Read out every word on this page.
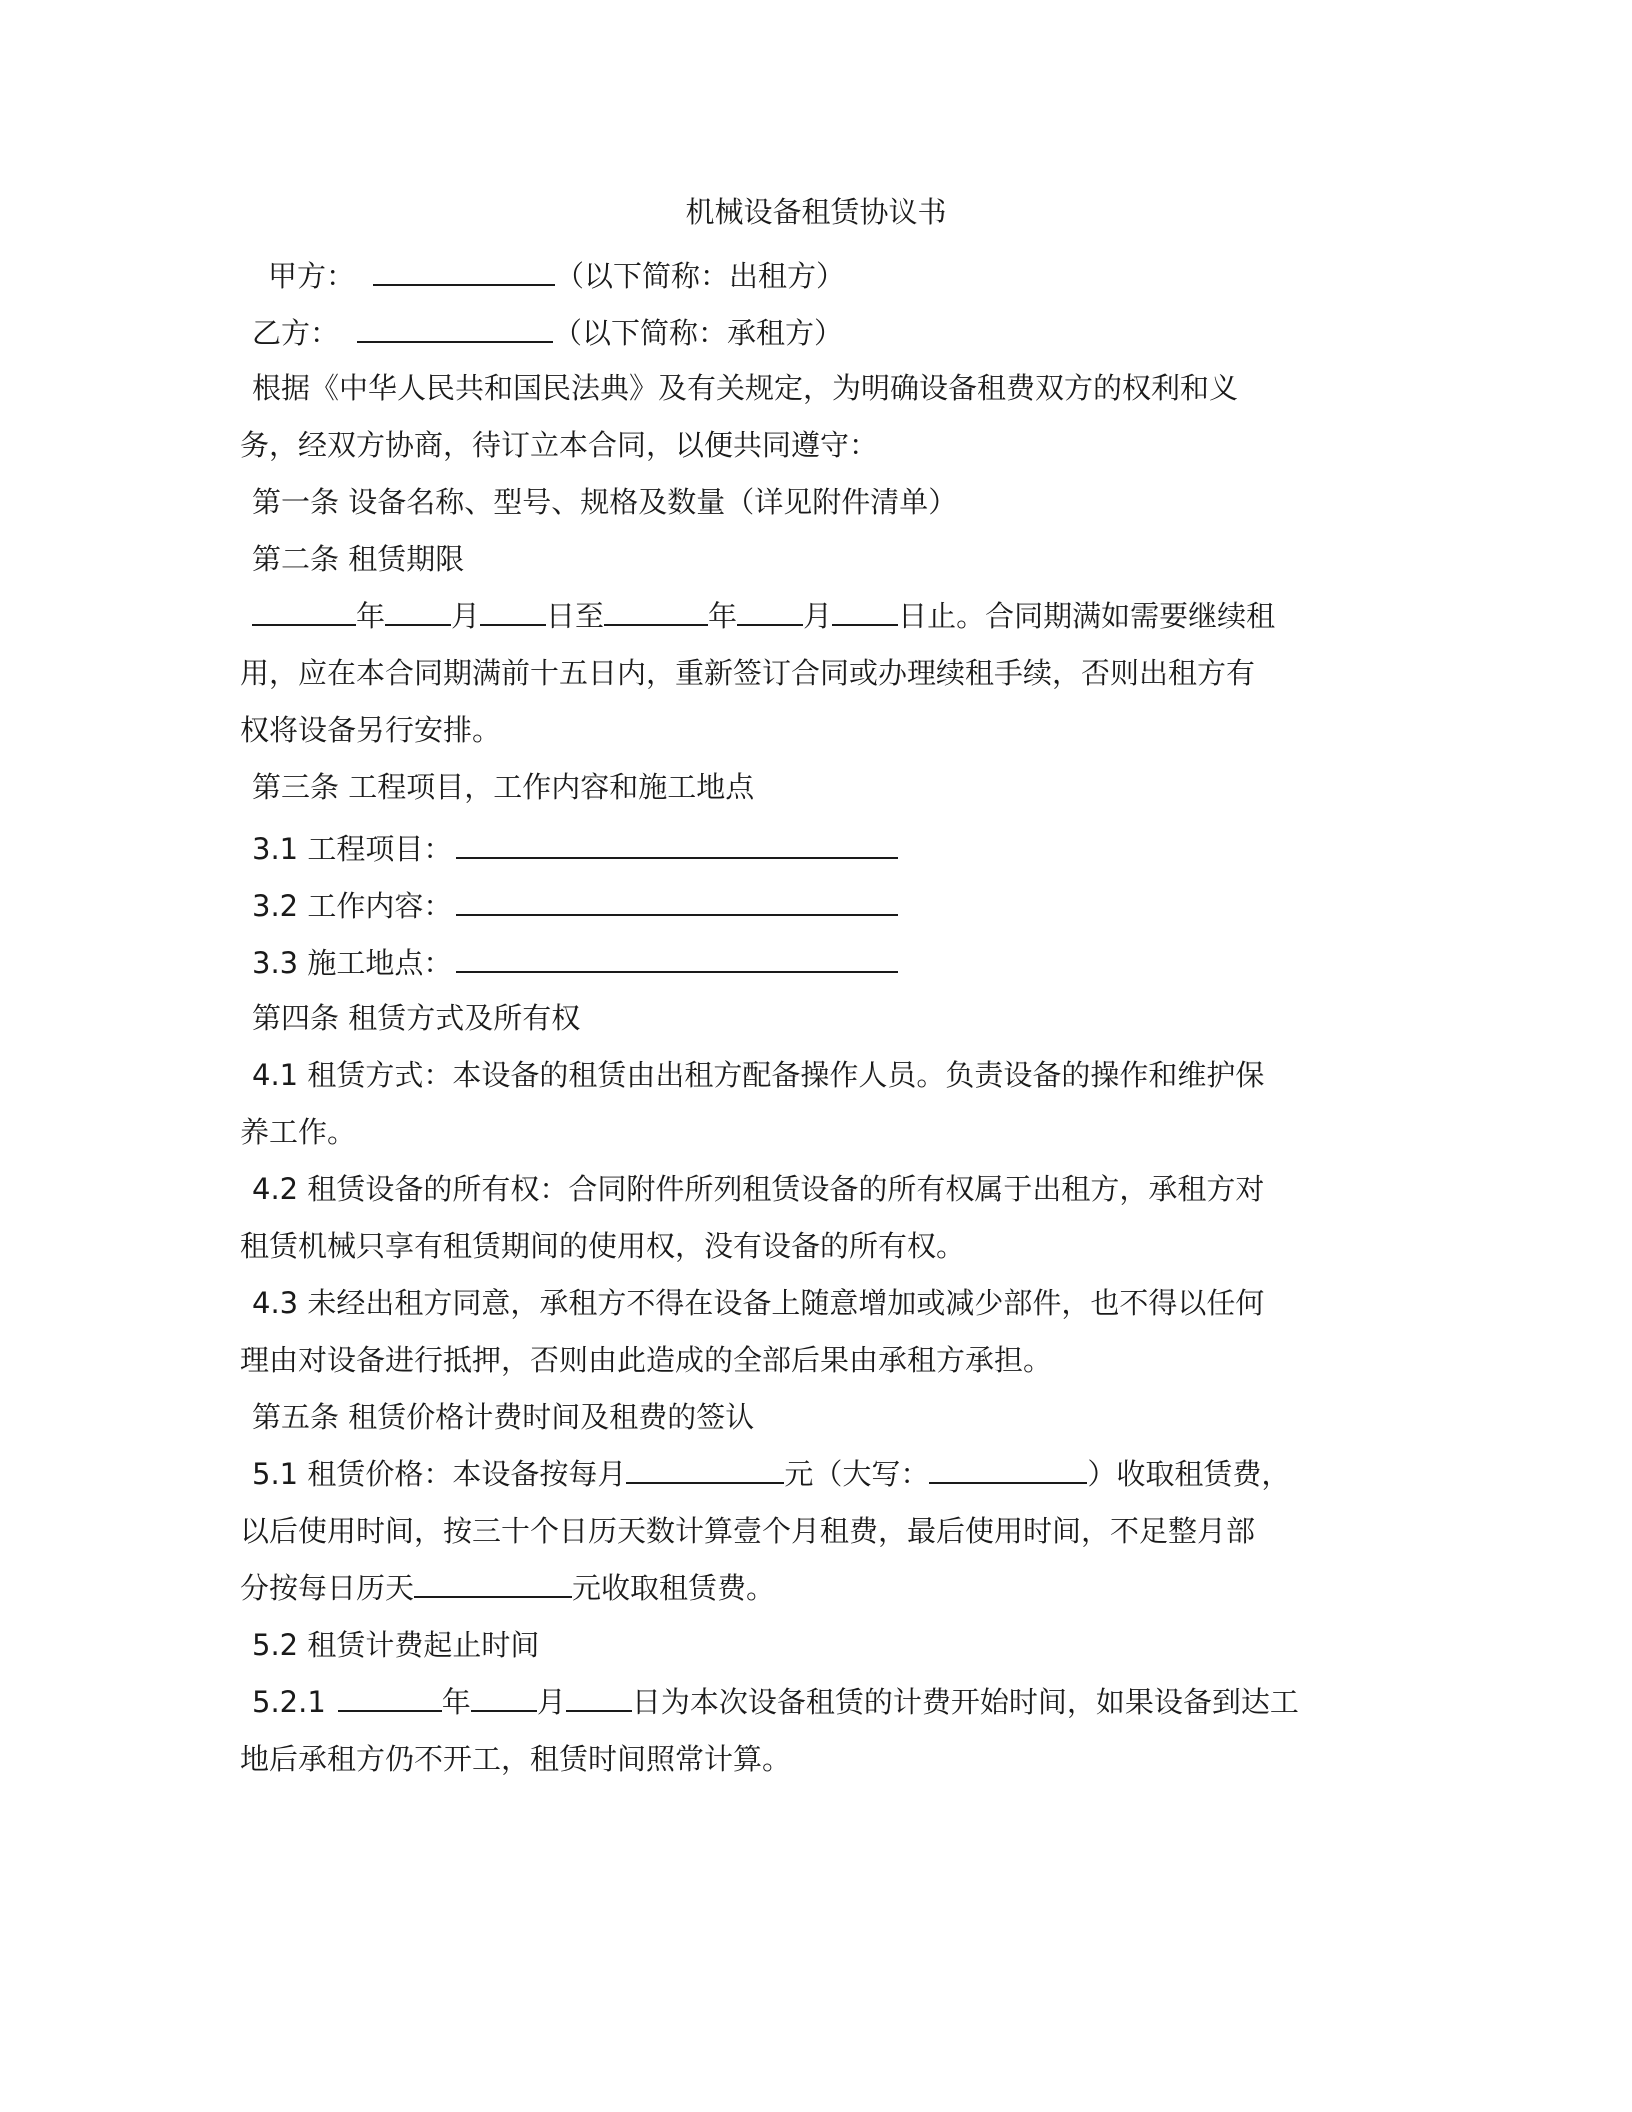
机械设备租赁协议书

甲方：	（以下简称：出租方）

乙方：	（以下简称：承租方）

根据《中华人民共和国民法典》及有关规定，为明确设备租费双方的权利和义

务，经双方协商，待订立本合同，以便共同遵守：

第一条 设备名称、型号、规格及数量（详见附件清单）

第二条 租赁期限

年 月 日至	年 月 日止。合同期满如需要继续租

用，应在本合同期满前十五日内，重新签订合同或办理续租手续，否则出租方有

权将设备另行安排。

第三条 工程项目，工作内容和施工地点

3.1 工程项目：

3.2 工作内容：

3.3 施工地点：

第四条 租赁方式及所有权

4.1 租赁方式：本设备的租赁由出租方配备操作人员。负责设备的操作和维护保

养工作。

4.2 租赁设备的所有权：合同附件所列租赁设备的所有权属于出租方，承租方对

租赁机械只享有租赁期间的使用权，没有设备的所有权。

4.3 未经出租方同意，承租方不得在设备上随意增加或减少部件，也不得以任何

理由对设备进行抵押，否则由此造成的全部后果由承租方承担。

第五条 租赁价格计费时间及租费的签认

5.1 租赁价格：本设备按每月	元（大写：	）收取租赁费，

以后使用时间，按三十个日历天数计算壹个月租费，最后使用时间，不足整月部

分按每日历天	元收取租赁费。

5.2 租赁计费起止时间

5.2.1	年 月 日为本次设备租赁的计费开始时间，如果设备到达工

地后承租方仍不开工，租赁时间照常计算。
